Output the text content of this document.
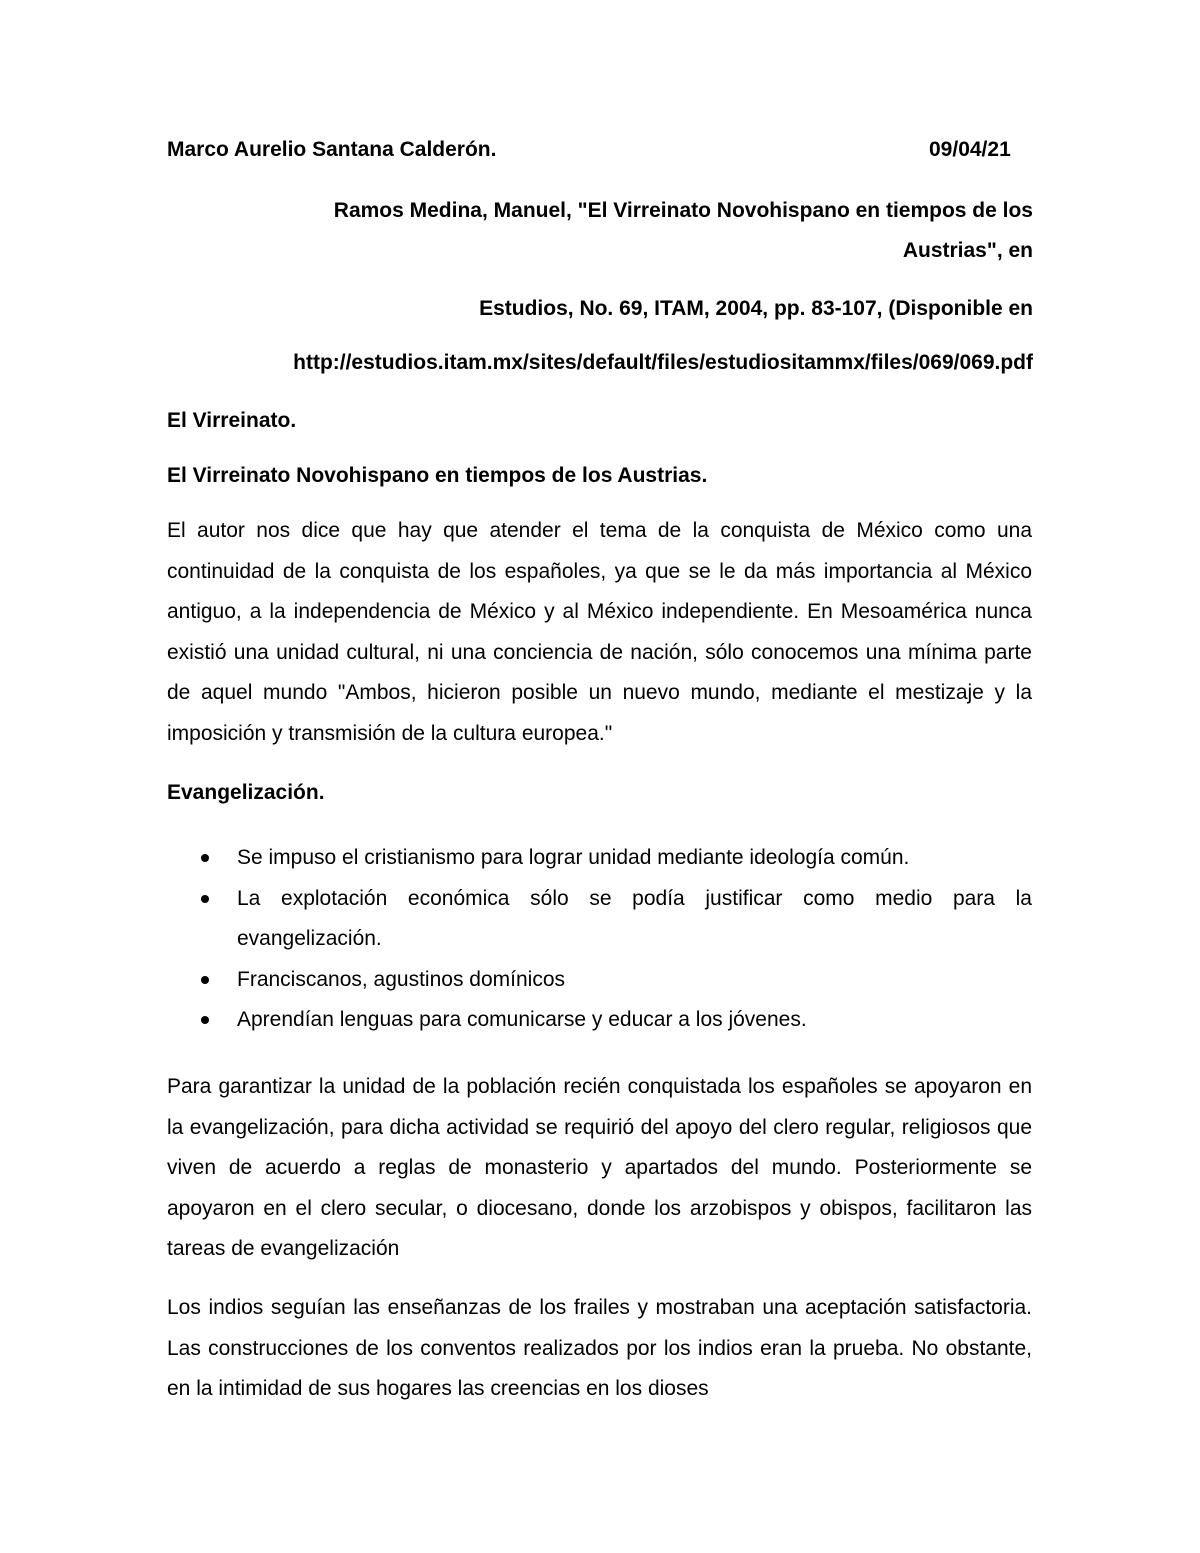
Marco Aurelio Santana Calderón.	09/04/21
Ramos Medina, Manuel, "El Virreinato Novohispano en tiempos de los
Austrias", en
Estudios, No. 69, ITAM, 2004, pp. 83-107, (Disponible en
http://estudios.itam.mx/sites/default/files/estudiositammx/files/069/069.pdf
El Virreinato.
El Virreinato Novohispano en tiempos de los Austrias.
El autor nos dice que hay que atender el tema de la conquista de México como una continuidad de la conquista de los españoles, ya que se le da más importancia al México antiguo, a la independencia de México y al México independiente. En Mesoamérica nunca existió una unidad cultural, ni una conciencia de nación, sólo conocemos una mínima parte de aquel mundo "Ambos, hicieron posible un nuevo mundo, mediante el mestizaje y la imposición y transmisión de la cultura europea."
Evangelización.
Se impuso el cristianismo para lograr unidad mediante ideología común.
La explotación económica sólo se podía justificar como medio para la evangelización.
Franciscanos, agustinos domínicos
Aprendían lenguas para comunicarse y educar a los jóvenes.
Para garantizar la unidad de la población recién conquistada los españoles se apoyaron en la evangelización, para dicha actividad se requirió del apoyo del clero regular, religiosos que viven de acuerdo a reglas de monasterio y apartados del mundo. Posteriormente se apoyaron en el clero secular, o diocesano, donde los arzobispos y obispos, facilitaron las tareas de evangelización
Los indios seguían las enseñanzas de los frailes y mostraban una aceptación satisfactoria. Las construcciones de los conventos realizados por los indios eran la prueba. No obstante, en la intimidad de sus hogares las creencias en los dioses
